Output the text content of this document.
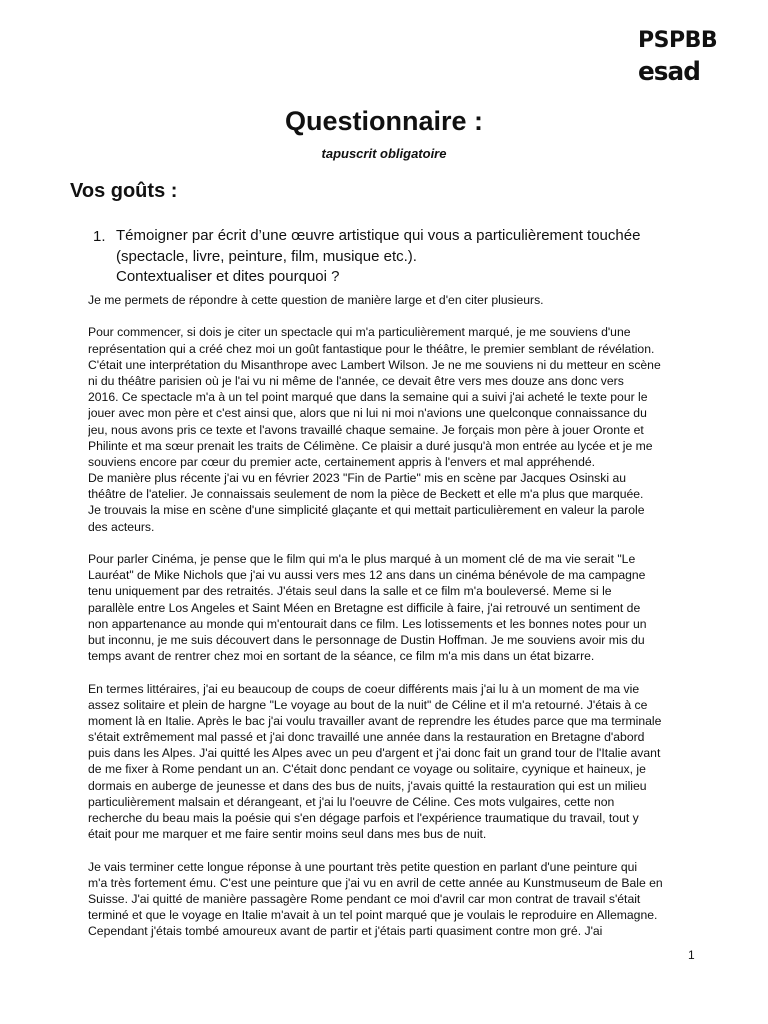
PSPBB
esad
Questionnaire :
tapuscrit obligatoire
Vos goûts :
1. Témoigner par écrit d’une œuvre artistique qui vous a particulièrement touchée
(spectacle, livre, peinture, film, musique etc.).
Contextualiser et dites pourquoi ?
Je me permets de répondre à cette question de manière large et d'en citer plusieurs.
Pour commencer, si dois je citer un spectacle qui m'a particulièrement marqué, je me souviens d'une
représentation qui a créé chez moi un goût fantastique pour le théâtre, le premier semblant de révélation.
C'était une interprétation du Misanthrope avec Lambert Wilson. Je ne me souviens ni du metteur en scène
ni du théâtre parisien où je l'ai vu ni même de l'année, ce devait être vers mes douze ans donc vers
2016. Ce spectacle m'a à un tel point marqué que dans la semaine qui a suivi j'ai acheté le texte pour le
jouer avec mon père et c'est ainsi que, alors que ni lui ni moi n'avions une quelconque connaissance du
jeu, nous avons pris ce texte et l'avons travaillé chaque semaine. Je forçais mon père à jouer Oronte et
Philinte et ma sœur prenait les traits de Célimène. Ce plaisir a duré jusqu'à mon entrée au lycée et je me
souviens encore par cœur du premier acte, certainement appris à l'envers et mal appréhendé.
De manière plus récente j'ai vu en février 2023 "Fin de Partie" mis en scène par Jacques Osinski au
théâtre de l'atelier. Je connaissais seulement de nom la pièce de Beckett et elle m'a plus que marquée.
Je trouvais la mise en scène d'une simplicité glaçante et qui mettait particulièrement en valeur la parole
des acteurs.
Pour parler Cinéma, je pense que le film qui m'a le plus marqué à un moment clé de ma vie serait "Le
Lauréat" de Mike Nichols que j'ai vu aussi vers mes 12 ans dans un cinéma bénévole de ma campagne
tenu uniquement par des retraités. J'étais seul dans la salle et ce film m'a bouleversé. Meme si le
parallèle entre Los Angeles et Saint Méen en Bretagne est difficile à faire, j'ai retrouvé un sentiment de
non appartenance au monde qui m'entourait dans ce film. Les lotissements et les bonnes notes pour un
but inconnu, je me suis découvert dans le personnage de Dustin Hoffman. Je me souviens avoir mis du
temps avant de rentrer chez moi en sortant de la séance, ce film m'a mis dans un état bizarre.
En termes littéraires, j'ai eu beaucoup de coups de coeur différents mais j'ai lu à un moment de ma vie
assez solitaire et plein de hargne "Le voyage au bout de la nuit" de Céline et il m'a retourné. J'étais à ce
moment là en Italie. Après le bac j'ai voulu travailler avant de reprendre les études parce que ma terminale
s'était extrêmement mal passé et j'ai donc travaillé une année dans la restauration en Bretagne d'abord
puis dans les Alpes. J'ai quitté les Alpes avec un peu d'argent et j'ai donc fait un grand tour de l'Italie avant
de me fixer à Rome pendant un an. C'était donc pendant ce voyage ou solitaire, cyynique et haineux, je
dormais en auberge de jeunesse et dans des bus de nuits, j'avais quitté la restauration qui est un milieu
particulièrement malsain et dérangeant, et j'ai lu l'oeuvre de Céline. Ces mots vulgaires, cette non
recherche du beau mais la poésie qui s'en dégage parfois et l'expérience traumatique du travail, tout y
était pour me marquer et me faire sentir moins seul dans mes bus de nuit.
Je vais terminer cette longue réponse à une pourtant très petite question en parlant d'une peinture qui
m'a très fortement ému. C'est une peinture que j'ai vu en avril de cette année au Kunstmuseum de Bale en
Suisse. J'ai quitté de manière passagère Rome pendant ce moi d'avril car mon contrat de travail s'était
terminé et que le voyage en Italie m'avait à un tel point marqué que je voulais le reproduire en Allemagne.
Cependant j'étais tombé amoureux avant de partir et j'étais parti quasiment contre mon gré. J'ai
1
